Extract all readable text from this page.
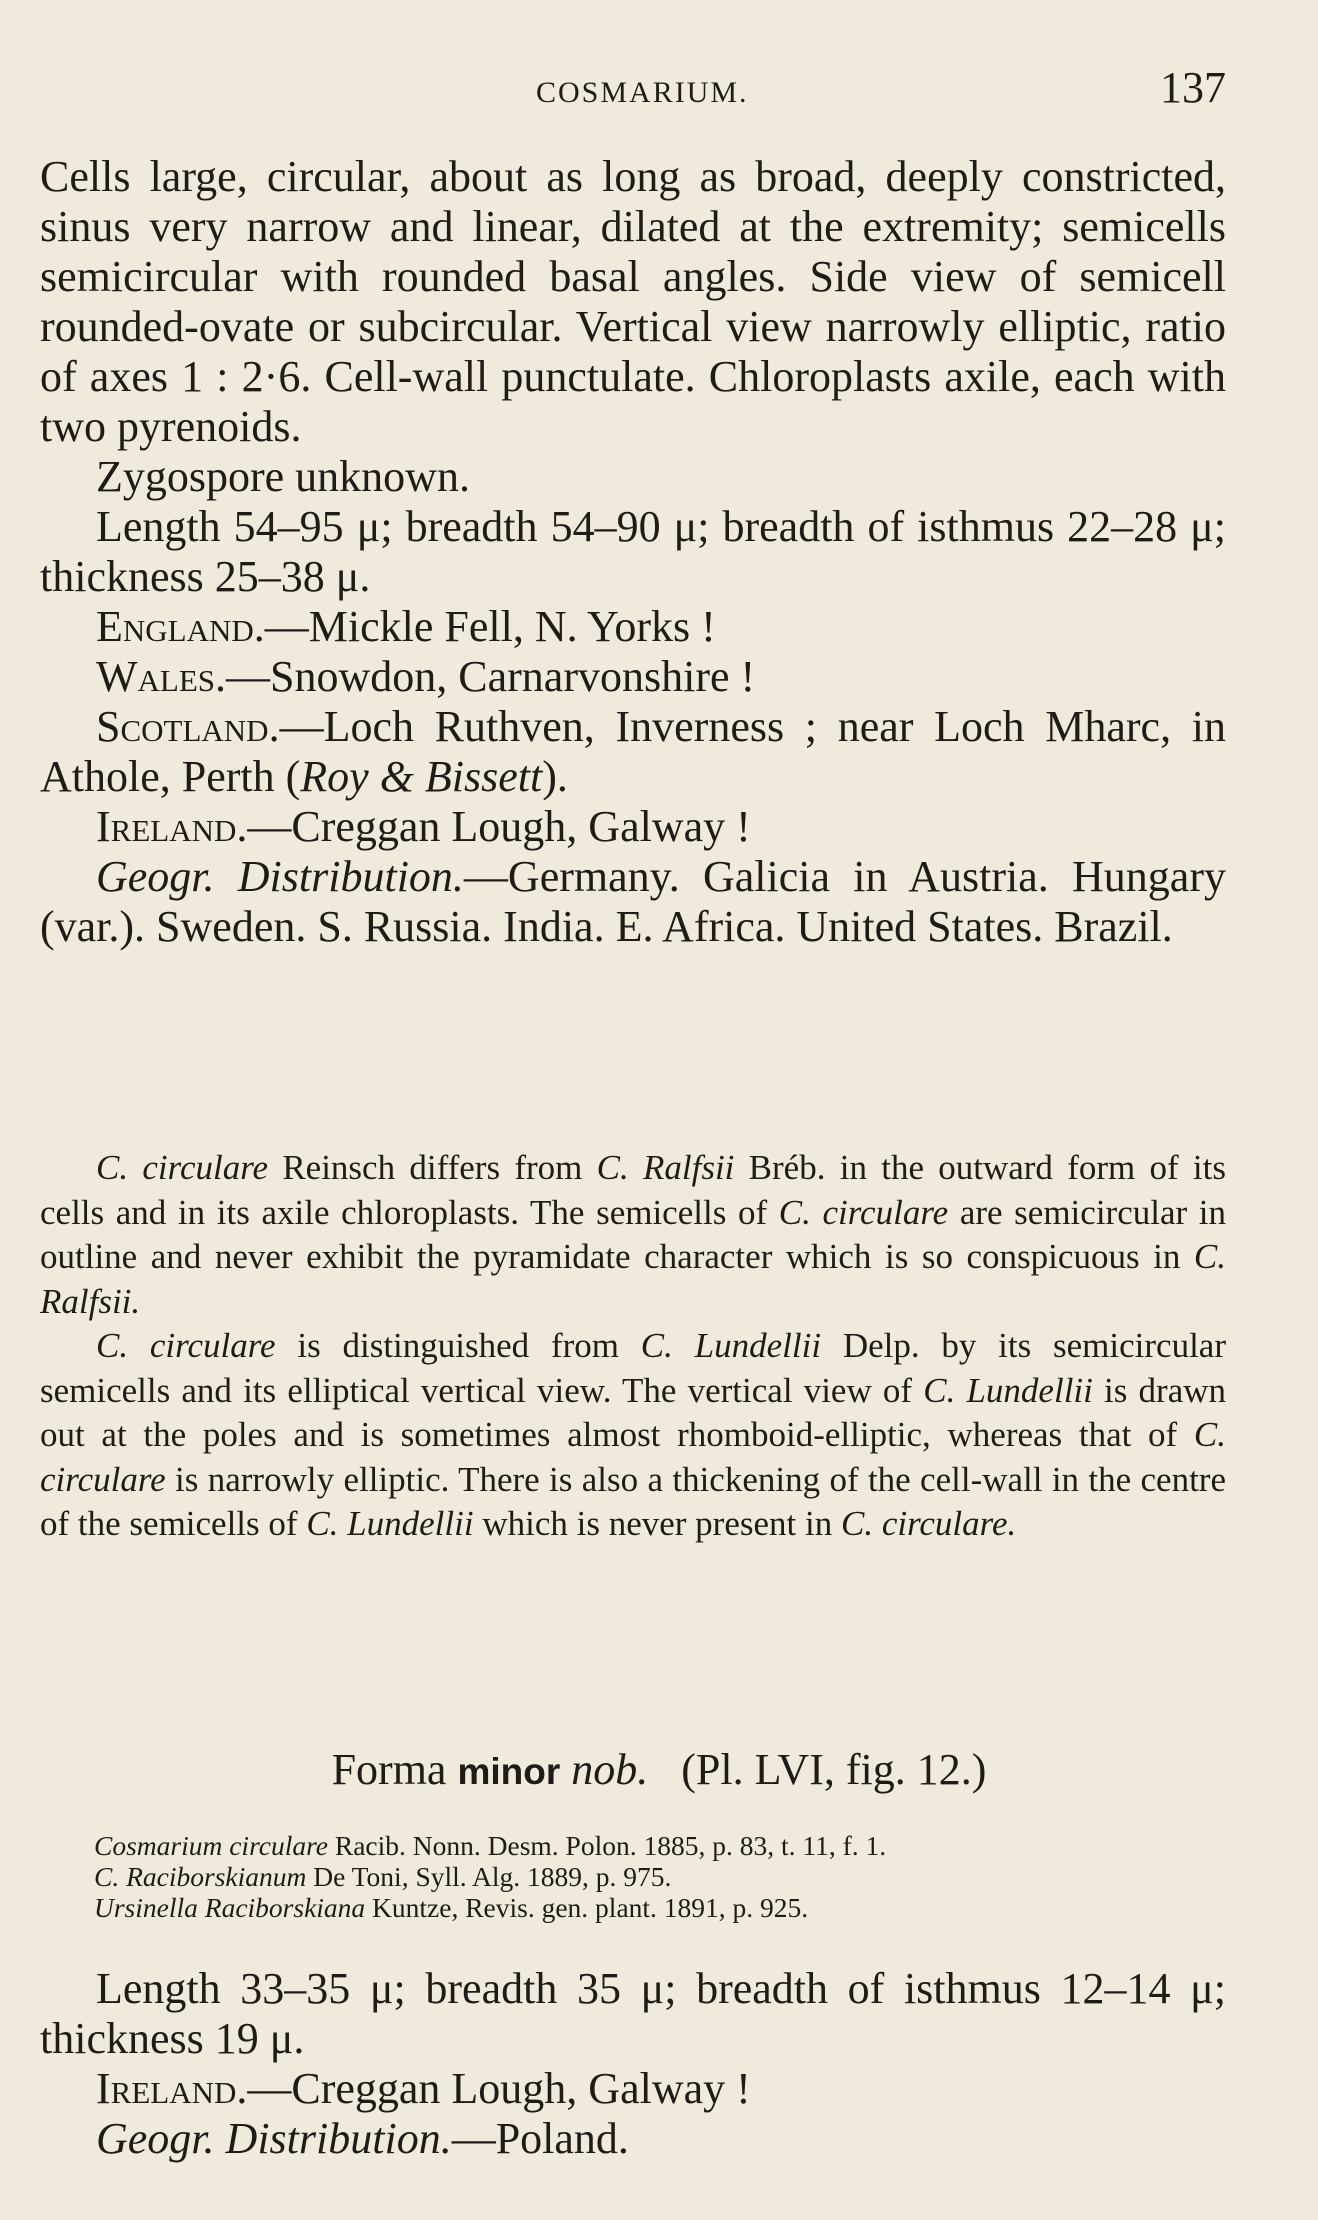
COSMARIUM.	137

Cells large, circular, about as long as broad, deeply constricted, sinus very narrow and linear, dilated at the extremity; semicells semicircular with rounded basal angles. Side view of semicell rounded-ovate or subcircular. Vertical view narrowly elliptic, ratio of axes 1 : 2·6. Cell-wall punctulate. Chloroplasts axile, each with two pyrenoids.

Zygospore unknown.

Length 54–95 μ; breadth 54–90 μ; breadth of isthmus 22–28 μ; thickness 25–38 μ.

England.—Mickle Fell, N. Yorks !

Wales.—Snowdon, Carnarvonshire !

Scotland.—Loch Ruthven, Inverness ; near Loch Mharc, in Athole, Perth (Roy & Bissett).

Ireland.—Creggan Lough, Galway !

Geogr. Distribution.—Germany. Galicia in Austria. Hungary (var.). Sweden. S. Russia. India. E. Africa. United States. Brazil.

C. circulare Reinsch differs from C. Ralfsii Bréb. in the outward form of its cells and in its axile chloroplasts. The semicells of C. circulare are semicircular in outline and never exhibit the pyramidate character which is so conspicuous in C. Ralfsii.

C. circulare is distinguished from C. Lundellii Delp. by its semicircular semicells and its elliptical vertical view. The vertical view of C. Lundellii is drawn out at the poles and is sometimes almost rhomboid-elliptic, whereas that of C. circulare is narrowly elliptic. There is also a thickening of the cell-wall in the centre of the semicells of C. Lundellii which is never present in C. circulare.

Forma minor nob. (Pl. LVI, fig. 12.)

Cosmarium circulare Racib. Nonn. Desm. Polon. 1885, p. 83, t. 11, f. 1.

C. Raciborskianum De Toni, Syll. Alg. 1889, p. 975.

Ursinella Raciborskiana Kuntze, Revis. gen. plant. 1891, p. 925.

Length 33–35 μ; breadth 35 μ; breadth of isthmus 12–14 μ; thickness 19 μ.

Ireland.—Creggan Lough, Galway !

Geogr. Distribution.—Poland.
